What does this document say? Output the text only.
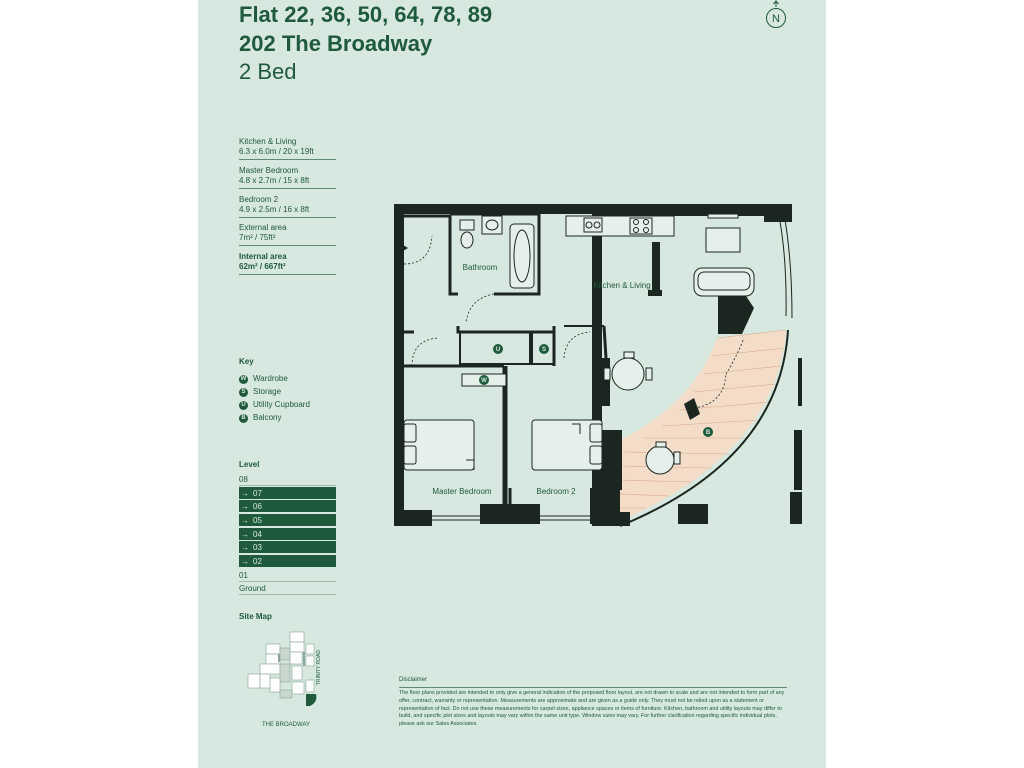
Flat 22, 36, 50, 64, 78, 89
202 The Broadway
2 Bed
N
Kitchen & Living
6.3 x 6.0m / 20 x 19ft
Master Bedroom
4.8 x 2.7m / 15 x 8ft
Bedroom 2
4.9 x 2.5m / 16 x 8ft
External area
7m² / 75ft²
Internal area
62m² / 667ft²
Key
W Wardrobe
S Storage
U Utility Cupboard
B Balcony
Level
08
→ 07
→ 06
→ 05
→ 04
→ 03
→ 02
01
Ground
Site Map
TRINITY ROAD
THE BROADWAY
Bathroom
Kitchen & Living
Master Bedroom	Bedroom 2
U	S
W
B
Disclaimer
The floor plans provided are intended to only give a general indication of the proposed floor layout, are not drawn to scale and are not intended to form part of any offer, contract, warranty or representation. Measurements are approximate and are given as a guide only. They must not be relied upon as a statement or representation of fact. Do not use these measurements for carpet sizes, appliance spaces or items of furniture. Kitchen, bathroom and utility layouts may differ to build, and specific plot sizes and layouts may vary within the same unit type. Window sizes may vary. For further clarification regarding specific individual plots, please ask our Sales Associates.
